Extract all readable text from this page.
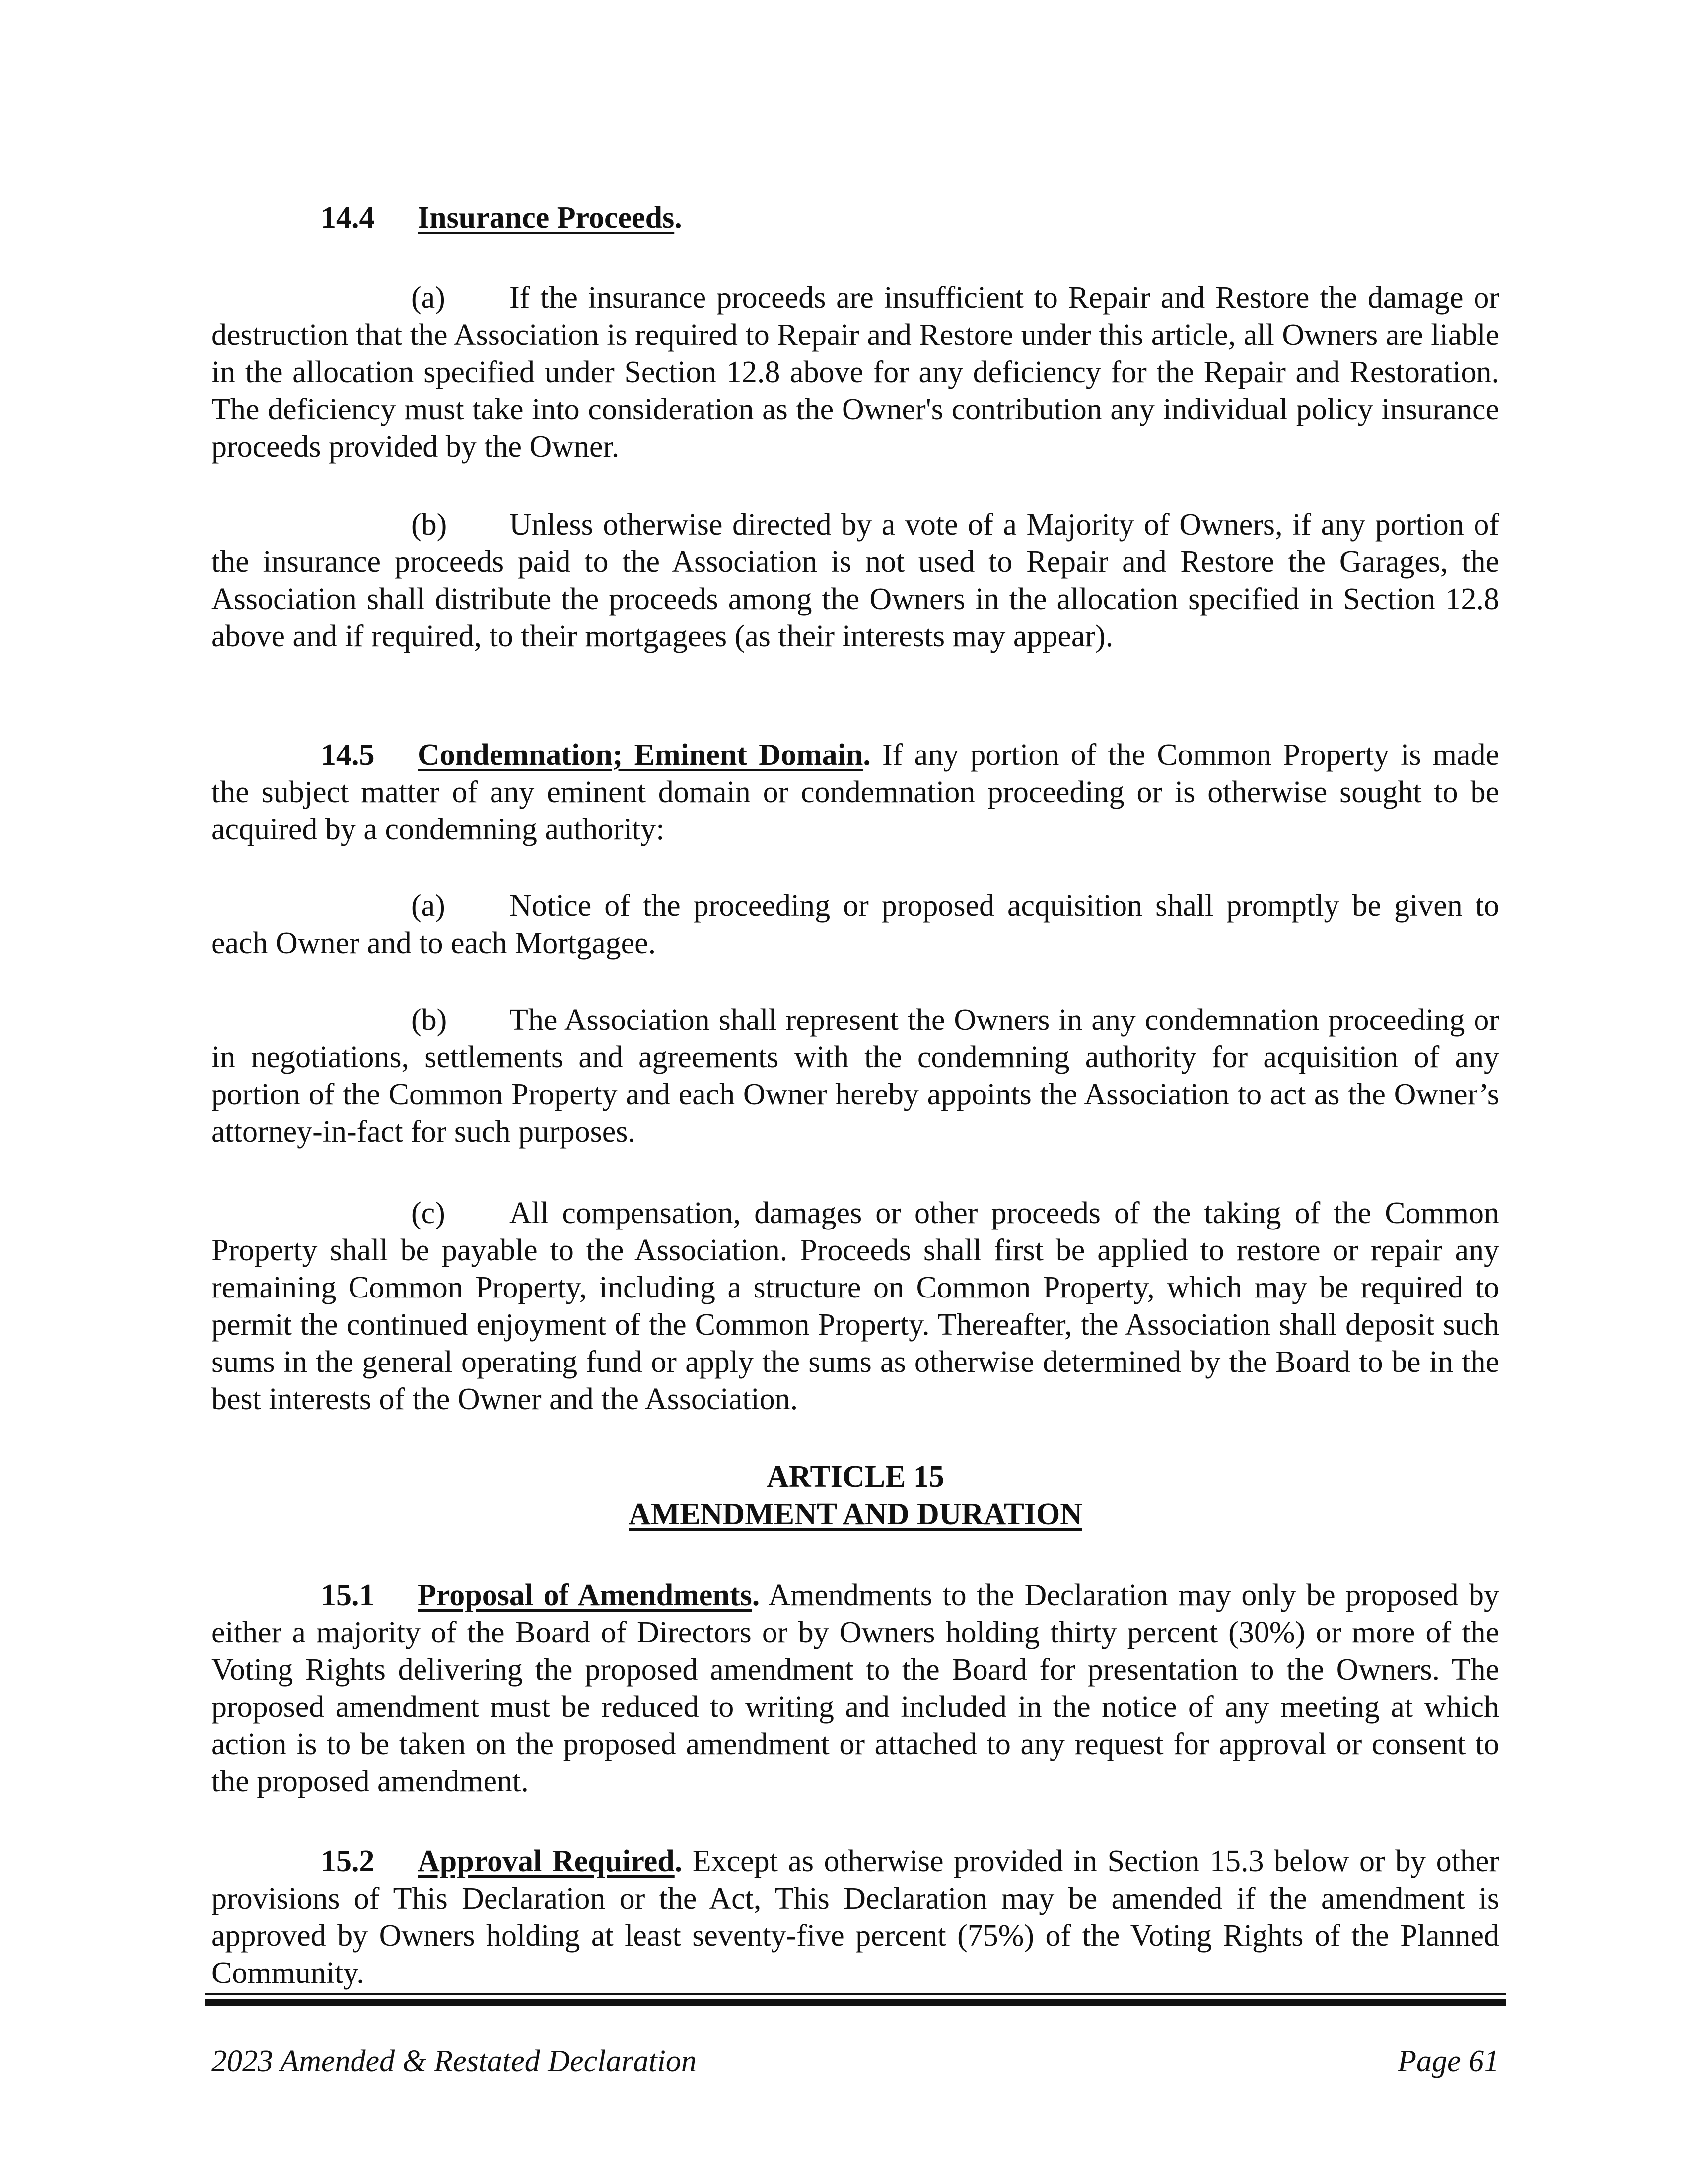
14.4 Insurance Proceeds.
(a) If the insurance proceeds are insufficient to Repair and Restore the damage or destruction that the Association is required to Repair and Restore under this article, all Owners are liable in the allocation specified under Section 12.8 above for any deficiency for the Repair and Restoration. The deficiency must take into consideration as the Owner's contribution any individual policy insurance proceeds provided by the Owner.
(b) Unless otherwise directed by a vote of a Majority of Owners, if any portion of the insurance proceeds paid to the Association is not used to Repair and Restore the Garages, the Association shall distribute the proceeds among the Owners in the allocation specified in Section 12.8 above and if required, to their mortgagees (as their interests may appear).
14.5 Condemnation; Eminent Domain. If any portion of the Common Property is made the subject matter of any eminent domain or condemnation proceeding or is otherwise sought to be acquired by a condemning authority:
(a) Notice of the proceeding or proposed acquisition shall promptly be given to each Owner and to each Mortgagee.
(b) The Association shall represent the Owners in any condemnation proceeding or in negotiations, settlements and agreements with the condemning authority for acquisition of any portion of the Common Property and each Owner hereby appoints the Association to act as the Owner’s attorney-in-fact for such purposes.
(c) All compensation, damages or other proceeds of the taking of the Common Property shall be payable to the Association. Proceeds shall first be applied to restore or repair any remaining Common Property, including a structure on Common Property, which may be required to permit the continued enjoyment of the Common Property. Thereafter, the Association shall deposit such sums in the general operating fund or apply the sums as otherwise determined by the Board to be in the best interests of the Owner and the Association.
ARTICLE 15
AMENDMENT AND DURATION
15.1 Proposal of Amendments. Amendments to the Declaration may only be proposed by either a majority of the Board of Directors or by Owners holding thirty percent (30%) or more of the Voting Rights delivering the proposed amendment to the Board for presentation to the Owners. The proposed amendment must be reduced to writing and included in the notice of any meeting at which action is to be taken on the proposed amendment or attached to any request for approval or consent to the proposed amendment.
15.2 Approval Required. Except as otherwise provided in Section 15.3 below or by other provisions of This Declaration or the Act, This Declaration may be amended if the amendment is approved by Owners holding at least seventy-five percent (75%) of the Voting Rights of the Planned Community.
2023 Amended & Restated Declaration	Page 61
